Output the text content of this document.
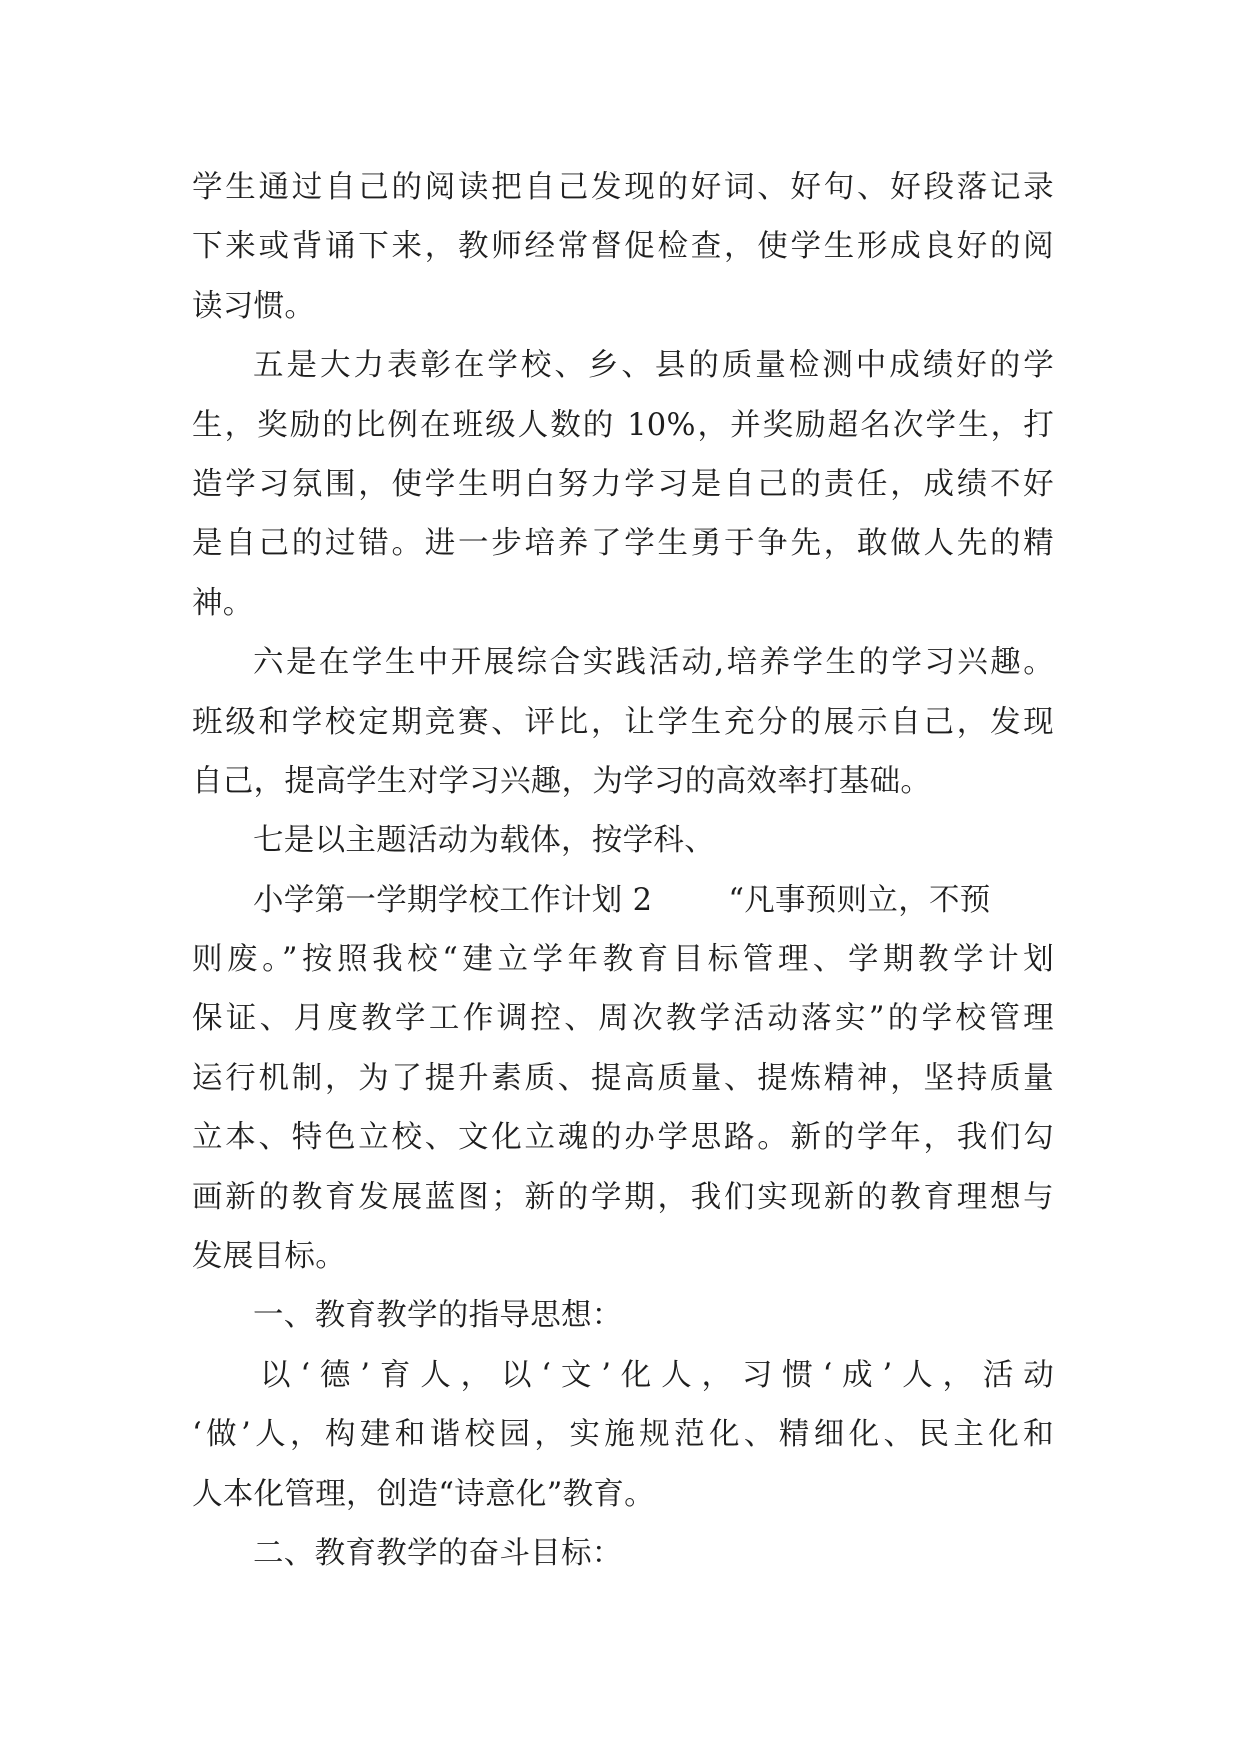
学生通过自己的阅读把自己发现的好词、好句、好段落记录
下来或背诵下来，教师经常督促检查，使学生形成良好的阅
读习惯。
五是大力表彰在学校、乡、县的质量检测中成绩好的学
生，奖励的比例在班级人数的 10%，并奖励超名次学生，打
造学习氛围，使学生明白努力学习是自己的责任，成绩不好
是自己的过错。进一步培养了学生勇于争先，敢做人先的精
神。
六是在学生中开展综合实践活动,培养学生的学习兴趣。
班级和学校定期竞赛、评比，让学生充分的展示自己，发现
自己，提高学生对学习兴趣，为学习的高效率打基础。
七是以主题活动为载体，按学科、
小学第一学期学校工作计划 2 “凡事预则立，不预
则废。”按照我校“建立学年教育目标管理、学期教学计划
保证、月度教学工作调控、周次教学活动落实”的学校管理
运行机制，为了提升素质、提高质量、提炼精神，坚持质量
立本、特色立校、文化立魂的办学思路。新的学年，我们勾
画新的教育发展蓝图；新的学期，我们实现新的教育理想与
发展目标。
一、教育教学的指导思想：
以‘德’育人，以‘文’化人，习惯‘成’人，活动
‘做’人，构建和谐校园，实施规范化、精细化、民主化和
人本化管理，创造“诗意化”教育。
二、教育教学的奋斗目标：
